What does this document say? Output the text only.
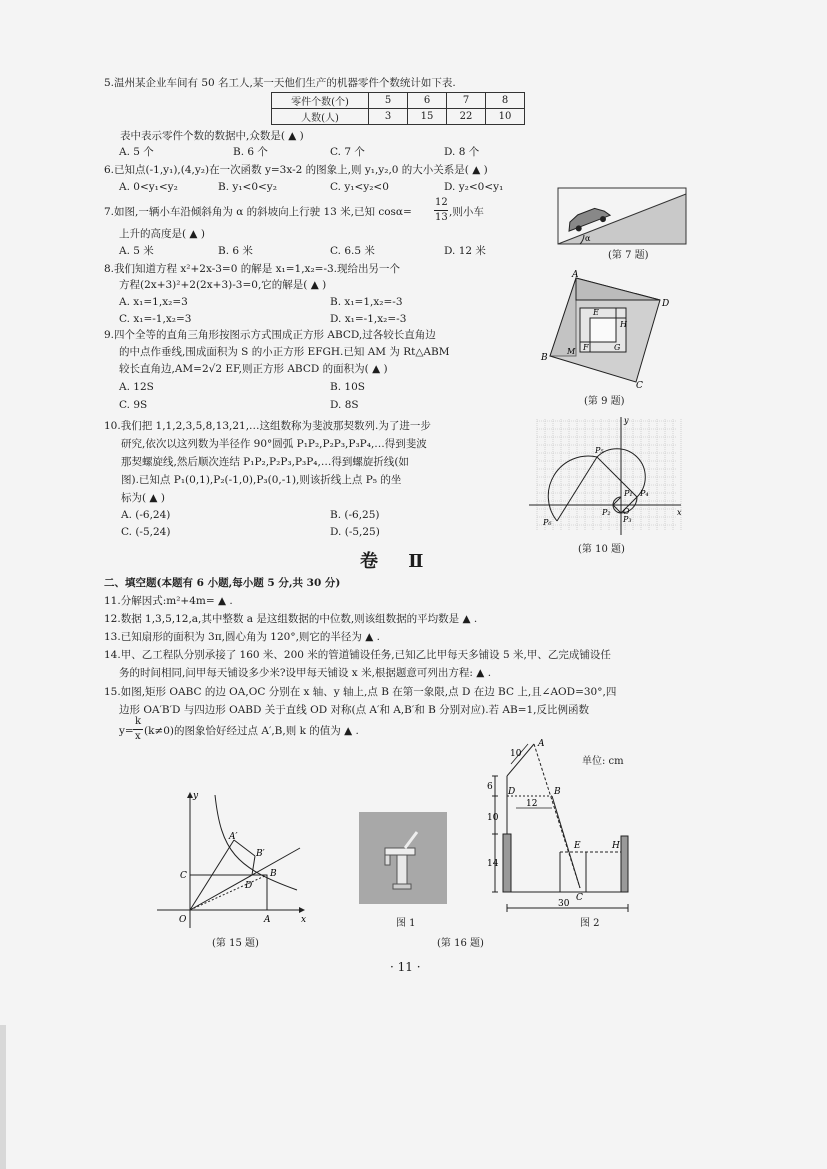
5.温州某企业车间有 50 名工人,某一天他们生产的机器零件个数统计如下表.
零件个数(个)	5	6	7	8
人数(人)	3	15	22	10
表中表示零件个数的数据中,众数是( ▲ )
A. 5 个	B. 6 个	C. 7 个	D. 8 个
6.已知点(-1,y₁),(4,y₂)在一次函数 y=3x-2 的图象上,则 y₁,y₂,0 的大小关系是( ▲ )
A. 0<y₁<y₂	B. y₁<0<y₂	C. y₁<y₂<0	D. y₂<0<y₁
7.如图,一辆小车沿倾斜角为 α 的斜坡向上行驶 13 米,已知 cosα=
12
13 ,则小车
上升的高度是( ▲ )
A. 5 米	B. 6 米	C. 6.5 米	D. 12 米
α
(第 7 题)
8.我们知道方程 x²+2x-3=0 的解是 x₁=1,x₂=-3.现给出另一个
方程(2x+3)²+2(2x+3)-3=0,它的解是( ▲ )
A. x₁=1,x₂=3	B. x₁=1,x₂=-3
C. x₁=-1,x₂=3	D. x₁=-1,x₂=-3
9.四个全等的直角三角形按图示方式围成正方形 ABCD,过各较长直角边
的中点作垂线,围成面积为 S 的小正方形 EFGH.已知 AM 为 Rt△ABM
较长直角边,AM=2√2 EF,则正方形 ABCD 的面积为( ▲ )
A. 12S	B. 10S
C. 9S	D. 8S
A
B
C
D
E
F	G
H
M
(第 9 题)
10.我们把 1,1,2,3,5,8,13,21,…这组数称为斐波那契数列.为了进一步
研究,依次以这列数为半径作 90°圆弧 P₁P₂,P₂P₃,P₃P₄,…得到斐波
那契螺旋线,然后顺次连结 P₁P₂,P₂P₃,P₃P₄,…得到螺旋折线(如
图).已知点 P₁(0,1),P₂(-1,0),P₃(0,-1),则该折线上点 P₅ 的坐
标为( ▲ )
A. (-6,24)	B. (-6,25)
C. (-5,24)	D. (-5,25)
y
x
O
P₁
P₂
P₃
P₄
P₅
P₆
(第 10 题)
卷 Ⅱ
二、填空题(本题有 6 小题,每小题 5 分,共 30 分)
11.分解因式:m²+4m= ▲ .
12.数据 1,3,5,12,a,其中整数 a 是这组数据的中位数,则该组数据的平均数是 ▲ .
13.已知扇形的面积为 3π,圆心角为 120°,则它的半径为 ▲ .
14.甲、乙工程队分别承接了 160 米、200 米的管道铺设任务,已知乙比甲每天多铺设 5 米,甲、乙完成铺设任
务的时间相同,问甲每天铺设多少米?设甲每天铺设 x 米,根据题意可列出方程: ▲ .
15.如图,矩形 OABC 的边 OA,OC 分别在 x 轴、y 轴上,点 B 在第一象限,点 D 在边 BC 上,且∠AOD=30°,四
边形 OA′B′D 与四边形 OABD 关于直线 OD 对称(点 A′和 A,B′和 B 分别对应).若 AB=1,反比例函数
y=
k
x (k≠0)的图象恰好经过点 A′,B,则 k 的值为 ▲ .
y
x
O	A
B
C
D
A′
B′
(第 15 题)
图 1
10
6
12
10
14
30
A
B
C
D
E	H
单位: cm
图 2
(第 16 题)
· 11 ·
